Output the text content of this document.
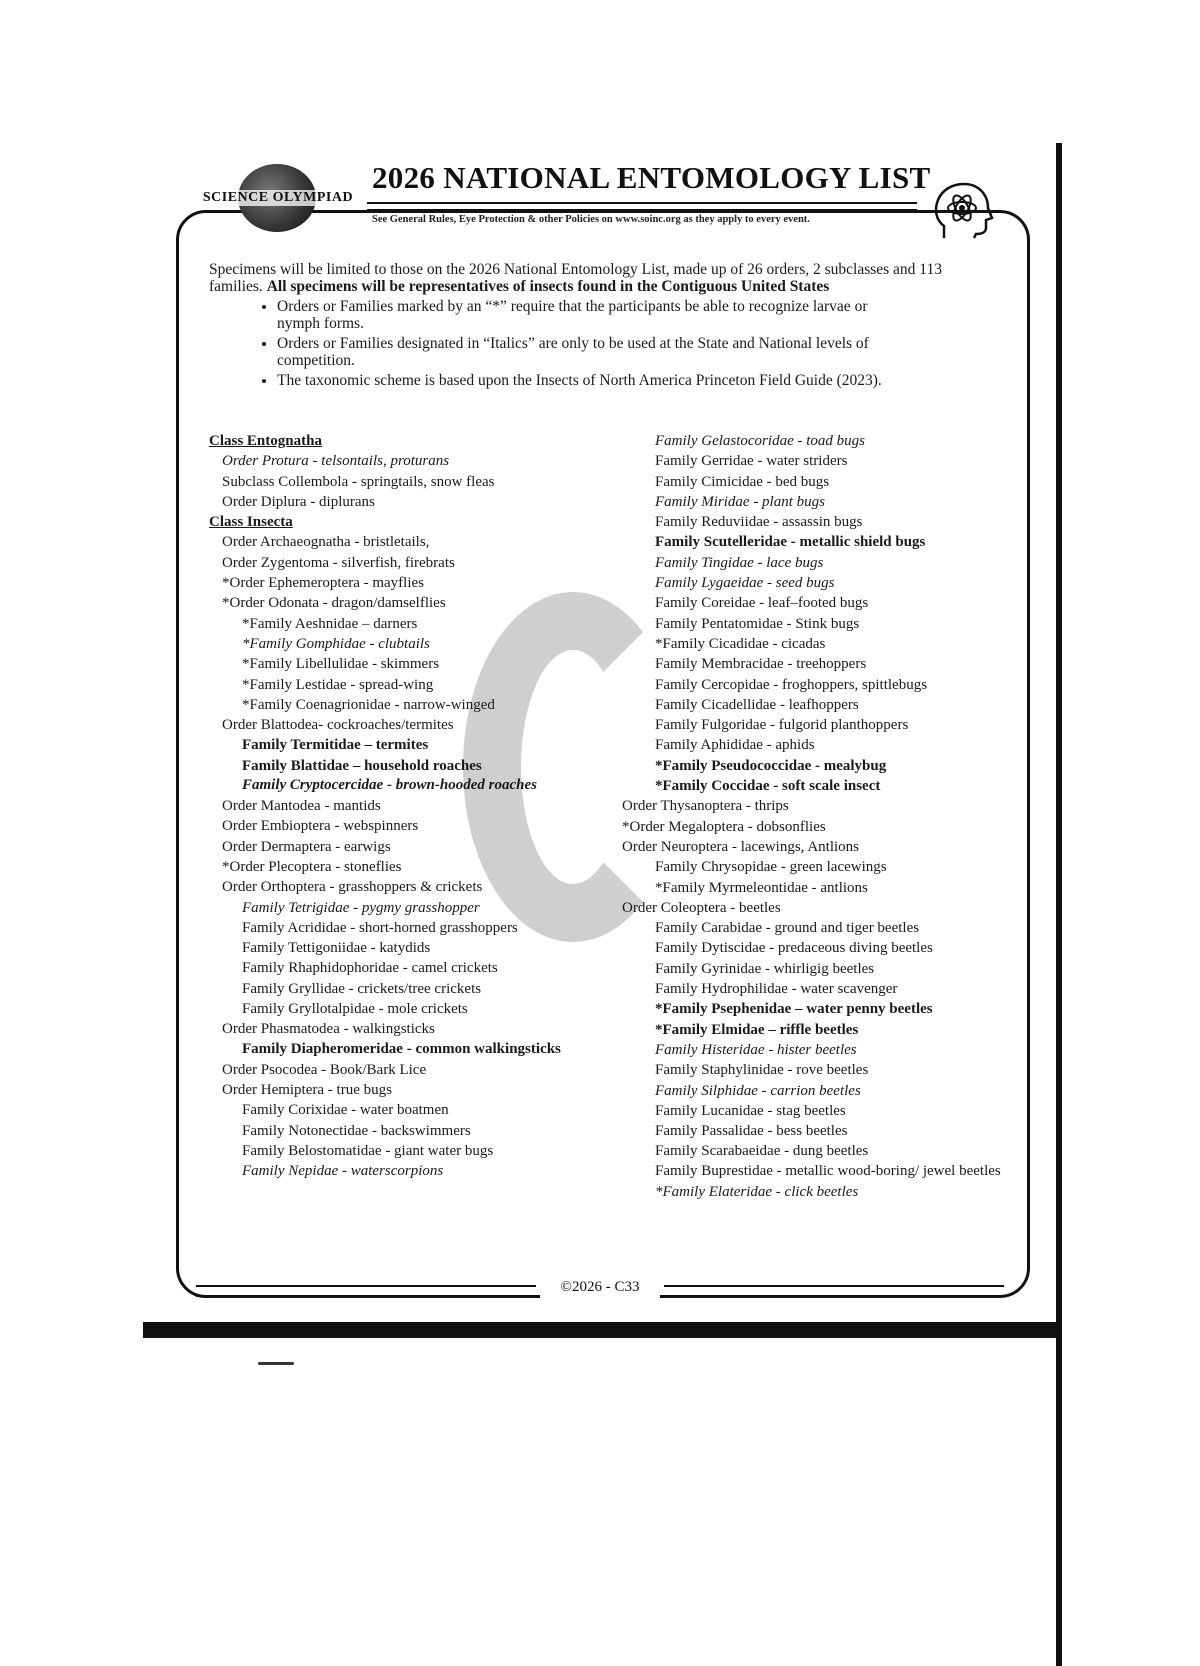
©2026 - C33
SCIENCE OLYMPIAD
2026 NATIONAL ENTOMOLOGY LIST
See General Rules, Eye Protection & other Policies on www.soinc.org as they apply to every event.

Specimens will be limited to those on the 2026 National Entomology List, made up of 26 orders, 2 subclasses and 113 families. All specimens will be representatives of insects found in the Contiguous United States

• Orders or Families marked by an “*” require that the participants be able to recognize larvae or nymph forms.
• Orders or Families designated in “Italics” are only to be used at the State and National levels of competition.
• The taxonomic scheme is based upon the Insects of North America Princeton Field Guide (2023).
Class Entognatha
Order Protura - telsontails, proturans
Subclass Collembola - springtails, snow fleas
Order Diplura - diplurans
Class Insecta
Order Archaeognatha - bristletails,
Order Zygentoma - silverfish, firebrats
*Order Ephemeroptera - mayflies
*Order Odonata - dragon/damselflies
*Family Aeshnidae – darners
*Family Gomphidae - clubtails
*Family Libellulidae - skimmers
*Family Lestidae - spread-wing
*Family Coenagrionidae - narrow-winged
Order Blattodea- cockroaches/termites
Family Termitidae – termites
Family Blattidae – household roaches
Family Cryptocercidae - brown-hooded roaches
Order Mantodea - mantids
Order Embioptera - webspinners
Order Dermaptera - earwigs
*Order Plecoptera - stoneflies
Order Orthoptera - grasshoppers & crickets
Family Tetrigidae - pygmy grasshopper
Family Acrididae - short-horned grasshoppers
Family Tettigoniidae - katydids
Family Rhaphidophoridae - camel crickets
Family Gryllidae - crickets/tree crickets
Family Gryllotalpidae - mole crickets
Order Phasmatodea - walkingsticks
Family Diapheromeridae - common walkingsticks
Order Psocodea - Book/Bark Lice
Order Hemiptera - true bugs
Family Corixidae - water boatmen
Family Notonectidae - backswimmers
Family Belostomatidae - giant water bugs
Family Nepidae - waterscorpions
Family Gelastocoridae - toad bugs
Family Gerridae - water striders
Family Cimicidae - bed bugs
Family Miridae - plant bugs
Family Reduviidae - assassin bugs
Family Scutelleridae - metallic shield bugs
Family Tingidae - lace bugs
Family Lygaeidae - seed bugs
Family Coreidae - leaf–footed bugs
Family Pentatomidae - Stink bugs
*Family Cicadidae - cicadas
Family Membracidae - treehoppers
Family Cercopidae - froghoppers, spittlebugs
Family Cicadellidae - leafhoppers
Family Fulgoridae - fulgorid planthoppers
Family Aphididae - aphids
*Family Pseudococcidae - mealybug
*Family Coccidae - soft scale insect
Order Thysanoptera - thrips
*Order Megaloptera - dobsonflies
Order Neuroptera - lacewings, Antlions
Family Chrysopidae - green lacewings
*Family Myrmeleontidae - antlions
Order Coleoptera - beetles
Family Carabidae - ground and tiger beetles
Family Dytiscidae - predaceous diving beetles
Family Gyrinidae - whirligig beetles
Family Hydrophilidae - water scavenger
*Family Psephenidae – water penny beetles
*Family Elmidae – riffle beetles
Family Histeridae - hister beetles
Family Staphylinidae - rove beetles
Family Silphidae - carrion beetles
Family Lucanidae - stag beetles
Family Passalidae - bess beetles
Family Scarabaeidae - dung beetles
Family Buprestidae - metallic wood-boring/ jewel beetles
*Family Elateridae - click beetles
